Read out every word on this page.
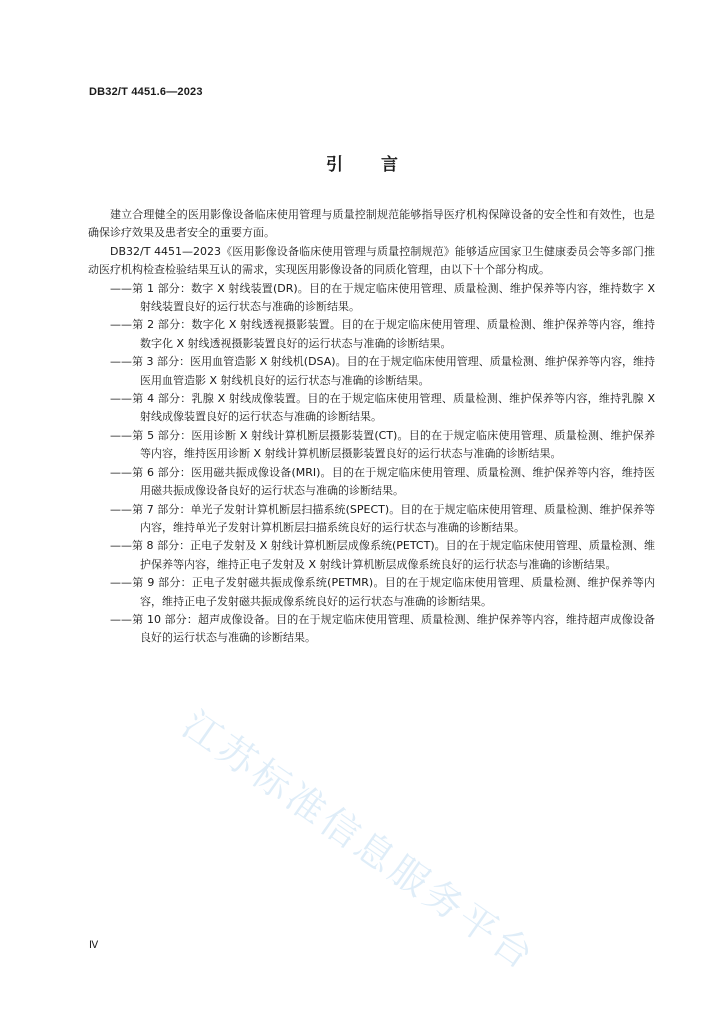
DB32/T 4451.6—2023
引言

建立合理健全的医用影像设备临床使用管理与质量控制规范能够指导医疗机构保障设备的安全性和有效性，也是确保诊疗效果及患者安全的重要方面。

DB32/T 4451—2023《医用影像设备临床使用管理与质量控制规范》能够适应国家卫生健康委员会等多部门推动医疗机构检查检验结果互认的需求，实现医用影像设备的同质化管理，由以下十个部分构成。

——第 1 部分：数字 X 射线装置(DR)。目的在于规定临床使用管理、质量检测、维护保养等内容，维持数字 X 射线装置良好的运行状态与准确的诊断结果。

——第 2 部分：数字化 X 射线透视摄影装置。目的在于规定临床使用管理、质量检测、维护保养等内容，维持数字化 X 射线透视摄影装置良好的运行状态与准确的诊断结果。

——第 3 部分：医用血管造影 X 射线机(DSA)。目的在于规定临床使用管理、质量检测、维护保养等内容，维持医用血管造影 X 射线机良好的运行状态与准确的诊断结果。

——第 4 部分：乳腺 X 射线成像装置。目的在于规定临床使用管理、质量检测、维护保养等内容，维持乳腺 X 射线成像装置良好的运行状态与准确的诊断结果。

——第 5 部分：医用诊断 X 射线计算机断层摄影装置(CT)。目的在于规定临床使用管理、质量检测、维护保养等内容，维持医用诊断 X 射线计算机断层摄影装置良好的运行状态与准确的诊断结果。

——第 6 部分：医用磁共振成像设备(MRI)。目的在于规定临床使用管理、质量检测、维护保养等内容，维持医用磁共振成像设备良好的运行状态与准确的诊断结果。

——第 7 部分：单光子发射计算机断层扫描系统(SPECT)。目的在于规定临床使用管理、质量检测、维护保养等内容，维持单光子发射计算机断层扫描系统良好的运行状态与准确的诊断结果。

——第 8 部分：正电子发射及 X 射线计算机断层成像系统(PETCT)。目的在于规定临床使用管理、质量检测、维护保养等内容，维持正电子发射及 X 射线计算机断层成像系统良好的运行状态与准确的诊断结果。

——第 9 部分：正电子发射磁共振成像系统(PETMR)。目的在于规定临床使用管理、质量检测、维护保养等内容，维持正电子发射磁共振成像系统良好的运行状态与准确的诊断结果。

——第 10 部分：超声成像设备。目的在于规定临床使用管理、质量检测、维护保养等内容，维持超声成像设备良好的运行状态与准确的诊断结果。

江苏标准信息服务平台
Ⅳ
